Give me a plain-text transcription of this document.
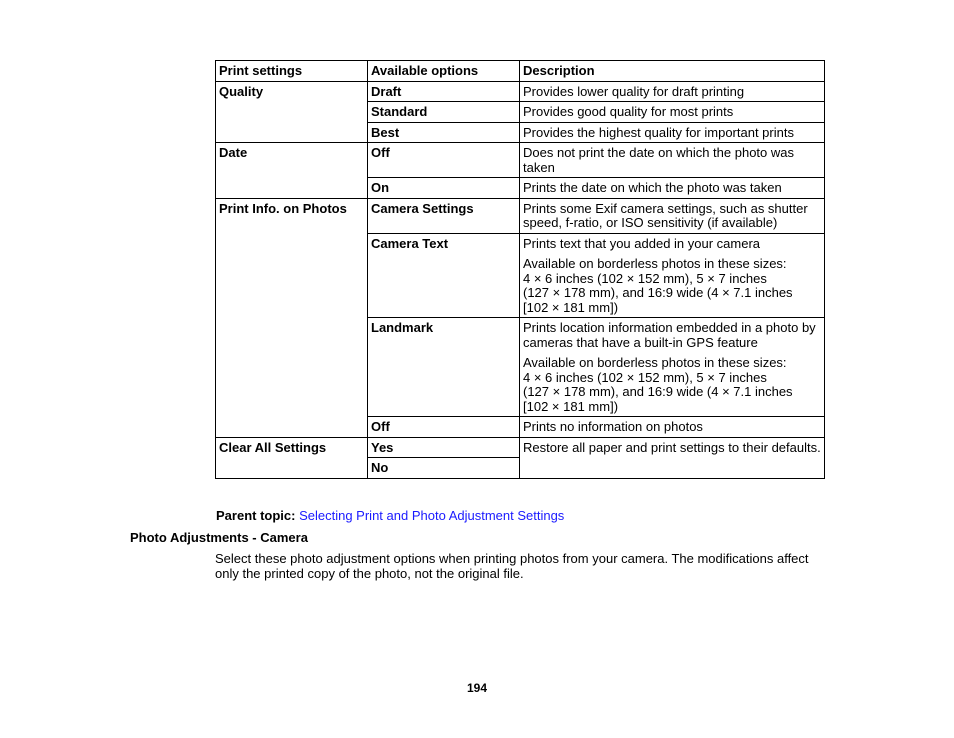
Print settings	Available options	Description
Quality	Draft	Provides lower quality for draft printing
	Standard	Provides good quality for most prints
	Best	Provides the highest quality for important prints
Date	Off	Does not print the date on which the photo was taken
	On	Prints the date on which the photo was taken
Print Info. on Photos	Camera Settings	Prints some Exif camera settings, such as shutter speed, f-ratio, or ISO sensitivity (if available)
	Camera Text	Prints text that you added in your camera
Available on borderless photos in these sizes:
4 × 6 inches (102 × 152 mm), 5 × 7 inches
(127 × 178 mm), and 16:9 wide (4 × 7.1 inches
[102 × 181 mm])

	Landmark	Prints location information embedded in a photo by cameras that have a built-in GPS feature
Available on borderless photos in these sizes:
4 × 6 inches (102 × 152 mm), 5 × 7 inches
(127 × 178 mm), and 16:9 wide (4 × 7.1 inches
[102 × 181 mm])

	Off	Prints no information on photos
Clear All Settings	Yes	Restore all paper and print settings to their defaults.
	No	
Parent topic: Selecting Print and Photo Adjustment Settings
Photo Adjustments - Camera
Select these photo adjustment options when printing photos from your camera. The modifications affect only the printed copy of the photo, not the original file.
194
